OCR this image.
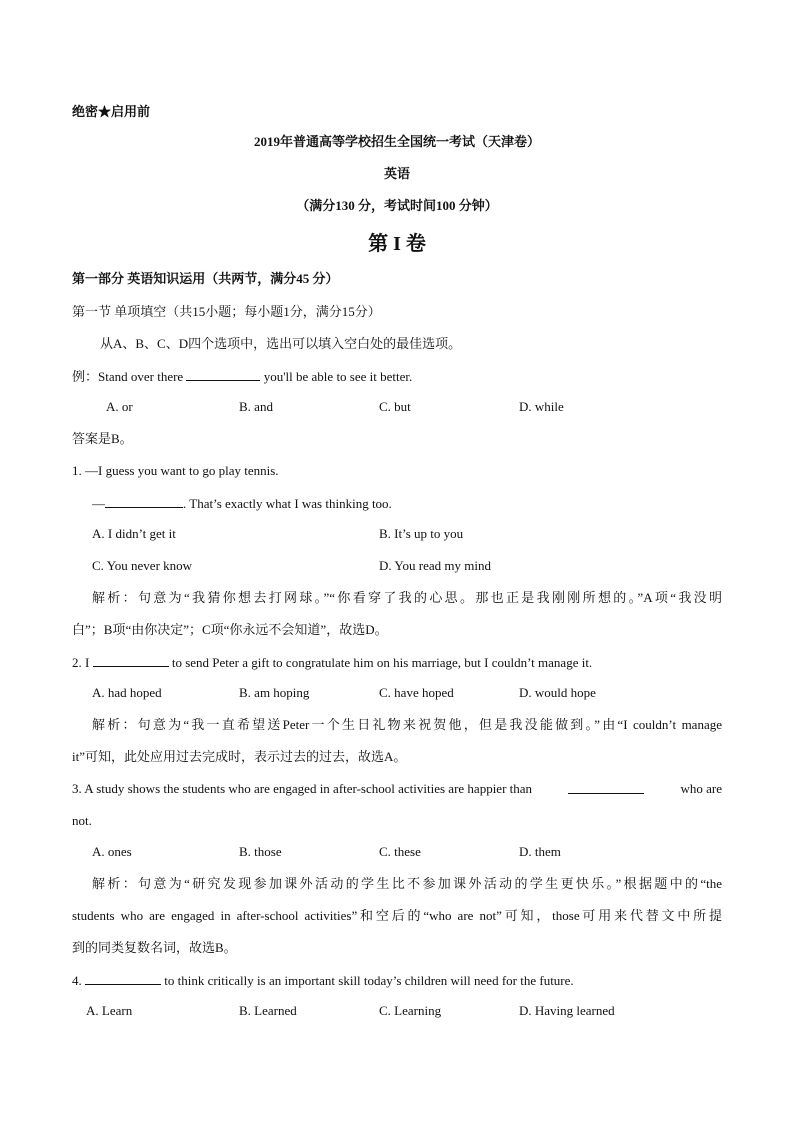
绝密★启用前
2019年普通高等学校招生全国统一考试（天津卷）
英语
（满分130 分，考试时间100 分钟）
第 I 卷
第一部分 英语知识运用（共两节，满分45 分）
第一节 单项填空（共15小题；每小题1分，满分15分）
从A、B、C、D四个选项中，选出可以填入空白处的最佳选项。
例：Stand over there	you'll be able to see it better.
A. or	B. and	C. but	D. while
答案是B。
1. —I guess you want to go play tennis.
—	. That’s exactly what I was thinking too.
A. I didn’t get it	B. It’s up to you
C. You never know	D. You read my mind
解析：句意为“我猜你想去打网球。”“你看穿了我的心思。那也正是我刚刚所想的。”A项“我没明
白”；B项“由你决定”；C项“你永远不会知道”，故选D。
2. I	to send Peter a gift to congratulate him on his marriage, but I couldn’t manage it.
A. had hoped	B. am hoping	C. have hoped	D. would hope
解析：句意为“我一直希望送Peter一个生日礼物来祝贺他，但是我没能做到。”由“I couldn’t manage
it”可知，此处应用过去完成时，表示过去的过去，故选A。
3. A study shows the students who are engaged in after-school activities are happier than	who are
not.
A. ones	B. those	C. these	D. them
解析：句意为“研究发现参加课外活动的学生比不参加课外活动的学生更快乐。”根据题中的“the
students who are engaged in after-school activities”和空后的“who are not”可知，those可用来代替文中所提
到的同类复数名词，故选B。
4.	to think critically is an important skill today’s children will need for the future.
A. Learn	B. Learned	C. Learning	D. Having learned
